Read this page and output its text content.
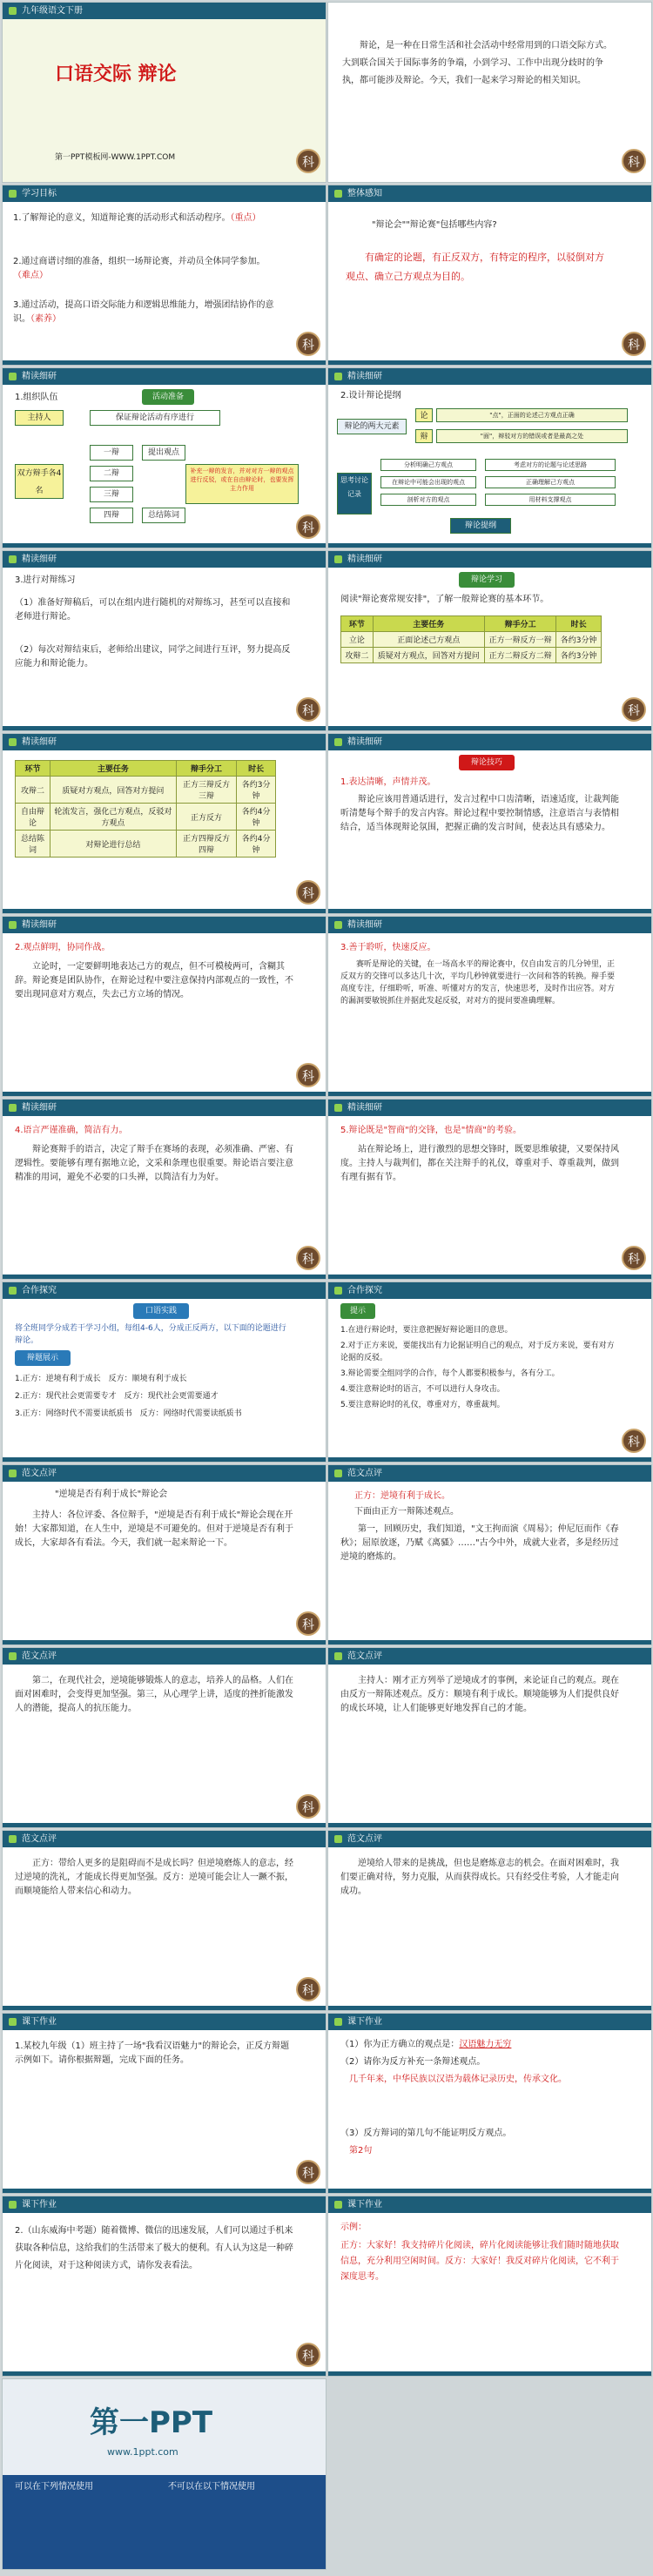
九年级语文下册
口语交际 辩论
第一PPT模板网-WWW.1PPT.COM	科
辩论，是一种在日常生活和社会活动中经常用到的口语交际方式。大到联合国关于国际事务的争端，小到学习、工作中出现分歧时的争执，都可能涉及辩论。今天，我们一起来学习辩论的相关知识。
科
学习目标
1.了解辩论的意义，知道辩论赛的活动形式和活动程序。（重点）
2.通过商谱讨细的准备，组织一场辩论赛，并动员全体同学参加。（难点）
3.通过活动，提高口语交际能力和逻辑思维能力，增强团结协作的意识。（素养）
科
整体感知
"辩论会""辩论赛"包括哪些内容?
有确定的论题，有正反双方，有特定的程序，以驳倒对方观点、确立己方观点为目的。
科
精读细研
1.组织队伍	活动准备
主持人	保证辩论活动有序进行
双方辩手各4名
一辩
二辩
三辩
四辩
提出观点
补充一辩的发言，并对对方一辩的观点进行反驳，或在自由辩论时，也要发挥主力作用
总结陈词
科
精读细研
2.设计辩论提纲
辩论的两大元素
论	"点"，正面的论述己方观点正确
辩	"面"，辩驳对方的错误或者是最高之处
思考讨论记录
分析明确己方观点	考虑对方的论题与论述思路
在辩论中可能会出现的观点	正确理解己方观点
剖析对方的观点	用材料支撑观点
辩论提纲
精读细研
3.进行对辩练习
（1）准备好辩稿后，可以在组内进行随机的对辩练习，甚至可以直接和老师进行辩论。
（2）每次对辩结束后，老师给出建议，同学之间进行互评，努力提高反应能力和辩论能力。
科
精读细研
辩论学习
阅读"辩论赛常规安排"，了解一般辩论赛的基本环节。
环节	主要任务	辩手分工	时长
立论	正面论述己方观点	正方一辩反方一辩	各约3分钟
攻辩二	质疑对方观点，回答对方提问	正方二辩反方二辩	各约3分钟
科
精读细研
环节	主要任务	辩手分工	时长
攻辩二	质疑对方观点，回答对方提问	正方三辩反方三辩	各约3分钟
自由辩论	轮流发言，强化己方观点，反驳对方观点	正方反方	各约4分钟
总结陈词	对辩论进行总结	正方四辩反方四辩	各约4分钟
科
精读细研
辩论技巧
1.表达清晰，声情并茂。
辩论应该用普通话进行，发言过程中口齿清晰，语速适度，让裁判能听清楚每个辩手的发言内容。辩论过程中要控制情感，注意语言与表情相结合，适当体现辩论氛围，把握正确的发言时间，使表达具有感染力。
精读细研
2.观点鲜明，协同作战。
立论时，一定要鲜明地表达己方的观点，但不可模棱两可，含糊其辞。辩论赛是团队协作，在辩论过程中要注意保持内部观点的一致性，不要出现同意对方观点，失去己方立场的情况。
科
精读细研
3.善于聆听，快速反应。
赛听是辩论的关键，在一场高水平的辩论赛中，仅自由发言的几分钟里，正反双方的交锋可以多达几十次，平均几秒钟就要进行一次问和答的转换。辩手要高度专注，仔细聆听，听准、听懂对方的发言，快速思考，及时作出应答。对方的漏洞要敏锐抓住并据此发起反驳，对对方的提问要准确理解。
精读细研
4.语言严谨准确，简洁有力。
辩论赛辩手的语言，决定了辩手在赛场的表现，必须准确、严密、有逻辑性。要能够有理有据地立论，文采和条理也很重要。辩论语言要注意精准的用词，避免不必要的口头禅，以简洁有力为好。
科
精读细研
5.辩论既是"智商"的交锋，也是"情商"的考验。
站在辩论场上，进行激烈的思想交锋时，既要思维敏捷，又要保持风度。主持人与裁判们，都在关注辩手的礼仪，尊重对手、尊重裁判，做到有理有据有节。
科
合作探究
口语实践
将全班同学分成若干学习小组，每组4-6人，分成正反两方，以下面的论题进行辩论。
辩题展示
1.正方：逆境有利于成长　 反方：顺境有利于成长
2.正方：现代社会更需要专才　 反方：现代社会更需要通才
3.正方：网络时代不需要读纸质书　 反方：网络时代需要读纸质书
合作探究
提示
1.在进行辩论时，要注意把握好辩论题目的意思。
2.对于正方来说，要能找出有力论据证明自己的观点，对于反方来说，要有对方论据的反驳。
3.辩论需要全组同学的合作，每个人都要积极参与，各有分工。
4.要注意辩论时的语言，不可以进行人身攻击。
5.要注意辩论时的礼仪，尊重对方，尊重裁判。
科
范文点评
"逆境是否有利于成长"辩论会
主持人：各位评委、各位辩手，"逆境是否有利于成长"辩论会现在开始！大家都知道，在人生中，逆境是不可避免的。但对于逆境是否有利于成长，大家却各有看法。今天，我们就一起来辩论一下。
科
范文点评
正方：逆境有利于成长。
下面由正方一辩陈述观点。
第一，回顾历史，我们知道，"文王拘而演《周易》；仲尼厄而作《春秋》；屈原放逐，乃赋《离骚》……"古今中外，成就大业者，多是经历过逆境的磨炼的。
范文点评
第二，在现代社会，逆境能够锻炼人的意志，培养人的品格。人们在面对困难时，会变得更加坚强。第三，从心理学上讲，适度的挫折能激发人的潜能，提高人的抗压能力。
科
范文点评
主持人：刚才正方列举了逆境成才的事例，来论证自己的观点。现在由反方一辩陈述观点。反方：顺境有利于成长。顺境能够为人们提供良好的成长环境，让人们能够更好地发挥自己的才能。
范文点评
正方：带给人更多的是阻碍而不是成长吗？但逆境磨炼人的意志，经过逆境的洗礼，才能成长得更加坚强。反方：逆境可能会让人一蹶不振，而顺境能给人带来信心和动力。
科
范文点评
逆境给人带来的是挑战，但也是磨炼意志的机会。在面对困难时，我们要正确对待，努力克服，从而获得成长。只有经受住考验，人才能走向成功。
课下作业
1.某校九年级（1）班主持了一场"我看汉语魅力"的辩论会，正反方辩题示例如下。请你根据辩题，完成下面的任务。
科
课下作业
（1）你为正方确立的观点是：汉语魅力无穷
（2）请你为反方补充一条辩述观点。
几千年来，中华民族以汉语为载体记录历史，传承文化。
（3）反方辩词的第几句不能证明反方观点。
第2句
课下作业
2.（山东威海中考题）随着微博、微信的迅速发展，人们可以通过手机来获取各种信息，这给我们的生活带来了极大的便利。有人认为这是一种碎片化阅读，对于这种阅读方式，请你发表看法。
科
课下作业
示例：
正方：大家好！我支持碎片化阅读，碎片化阅读能够让我们随时随地获取信息，充分利用空闲时间。反方：大家好！我反对碎片化阅读，它不利于深度思考。
第一PPT
www.1ppt.com
可以在下列情况使用	不可以在以下情况使用
